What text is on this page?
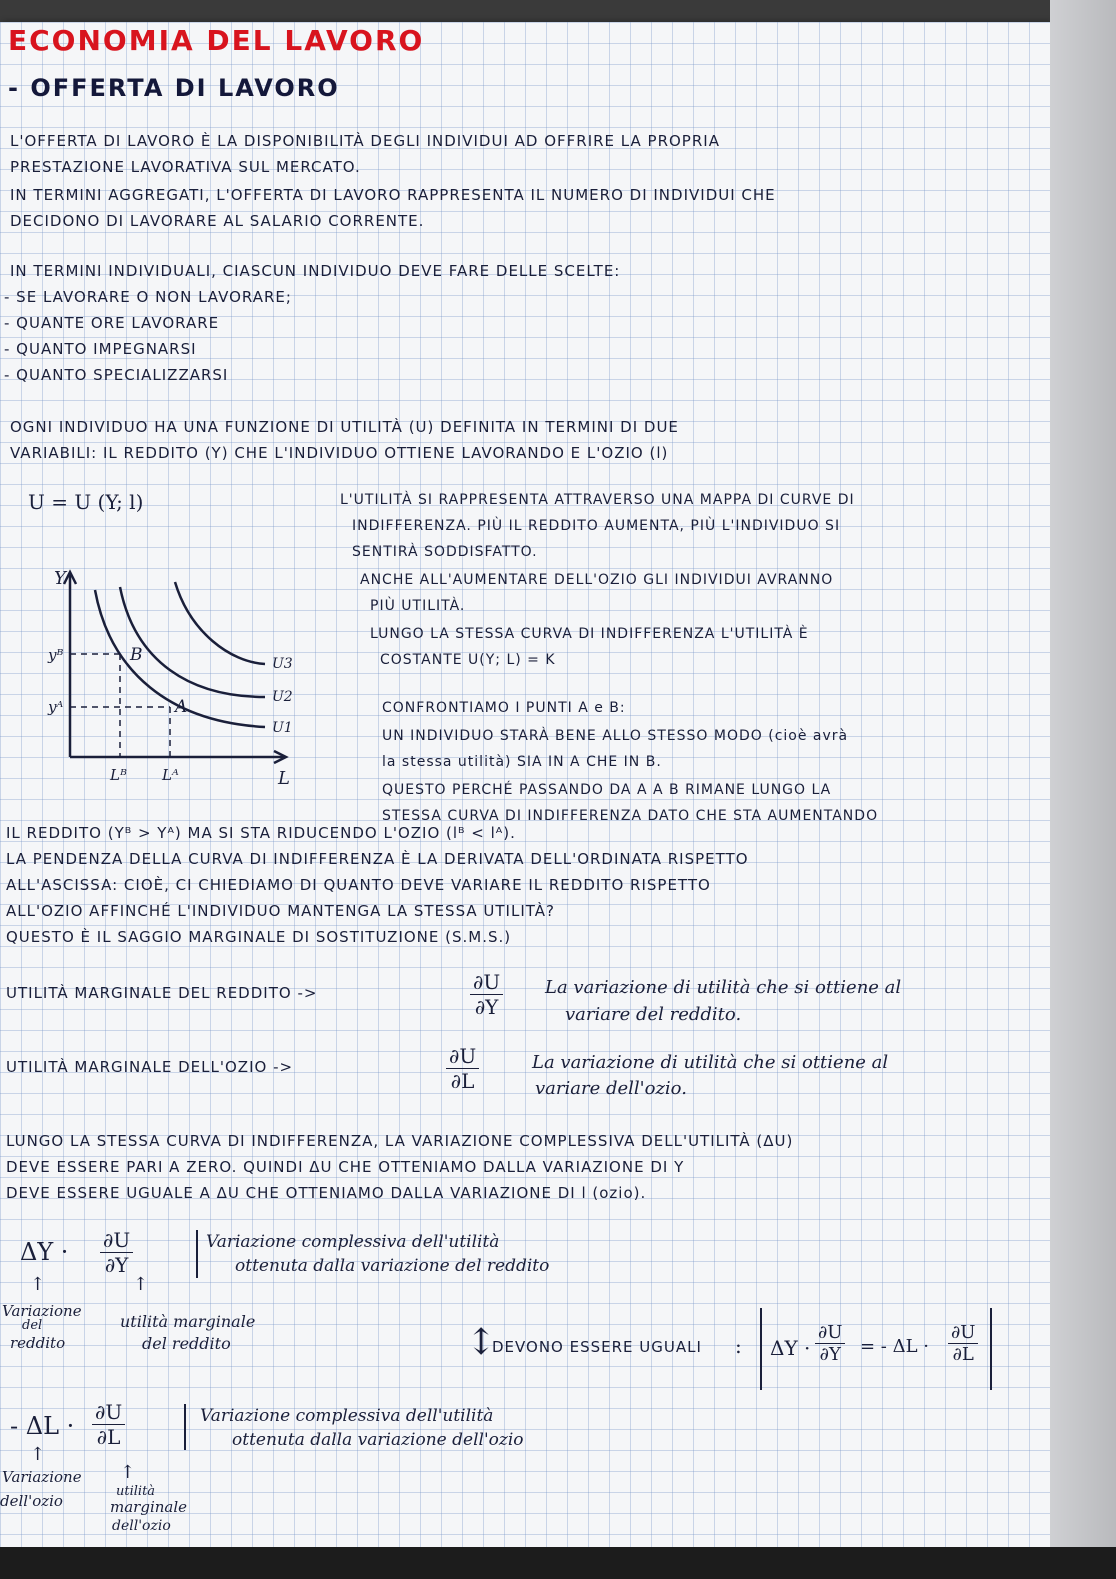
ECONOMIA DEL LAVORO
- OFFERTA DI LAVORO
L'OFFERTA DI LAVORO È LA DISPONIBILITÀ DEGLI INDIVIDUI AD OFFRIRE LA PROPRIA
PRESTAZIONE LAVORATIVA SUL MERCATO.
IN TERMINI AGGREGATI, L'OFFERTA DI LAVORO RAPPRESENTA IL NUMERO DI INDIVIDUI CHE
DECIDONO DI LAVORARE AL SALARIO CORRENTE.
IN TERMINI INDIVIDUALI, CIASCUN INDIVIDUO DEVE FARE DELLE SCELTE:
- SE LAVORARE O NON LAVORARE;
- QUANTE ORE LAVORARE
- QUANTO IMPEGNARSI
- QUANTO SPECIALIZZARSI
OGNI INDIVIDUO HA UNA FUNZIONE DI UTILITÀ (U) DEFINITA IN TERMINI DI DUE
VARIABILI: IL REDDITO (Y) CHE L'INDIVIDUO OTTIENE LAVORANDO E L'OZIO (l)
U = U (Y; l)	L'UTILITÀ SI RAPPRESENTA ATTRAVERSO UNA MAPPA DI CURVE DI
INDIFFERENZA. PIÙ IL REDDITO AUMENTA, PIÙ L'INDIVIDUO SI
SENTIRÀ SODDISFATTO.
ANCHE ALL'AUMENTARE DELL'OZIO GLI INDIVIDUI AVRANNO
PIÙ UTILITÀ.
LUNGO LA STESSA CURVA DI INDIFFERENZA L'UTILITÀ È
COSTANTE U(Y; L) = K
CONFRONTIAMO I PUNTI A e B:
UN INDIVIDUO STARÀ BENE ALLO STESSO MODO (cioè avrà
la stessa utilità) SIA IN A CHE IN B.
QUESTO PERCHÉ PASSANDO DA A A B RIMANE LUNGO LA
STESSA CURVA DI INDIFFERENZA DATO CHE STA AUMENTANDO
Y
L
yᴮ
yᴬ
Lᴮ Lᴬ
B
A
U3
U2
U1
IL REDDITO (Yᴮ > Yᴬ) MA SI STA RIDUCENDO L'OZIO (lᴮ < lᴬ).
LA PENDENZA DELLA CURVA DI INDIFFERENZA È LA DERIVATA DELL'ORDINATA RISPETTO
ALL'ASCISSA: CIOÈ, CI CHIEDIAMO DI QUANTO DEVE VARIARE IL REDDITO RISPETTO
ALL'OZIO AFFINCHÉ L'INDIVIDUO MANTENGA LA STESSA UTILITÀ?
QUESTO È IL SAGGIO MARGINALE DI SOSTITUZIONE (S.M.S.)
UTILITÀ MARGINALE DEL REDDITO ->	$\frac{\partial U}{\partial Y}$ La variazione di utilità che si ottiene al
variare del reddito.
UTILITÀ MARGINALE DELL'OZIO ->	$\frac{\partial U}{\partial L}$	La variazione di utilità che si ottiene al
variare dell'ozio.
LUNGO LA STESSA CURVA DI INDIFFERENZA, LA VARIAZIONE COMPLESSIVA DELL'UTILITÀ (ΔU)
DEVE ESSERE PARI A ZERO. QUINDI ΔU CHE OTTENIAMO DALLA VARIAZIONE DI Y
DEVE ESSERE UGUALE A ΔU CHE OTTENIAMO DALLA VARIAZIONE DI l (ozio).
$\Delta Y \cdot \frac{\partial U}{\partial Y}$	Variazione complessiva dell'utilità
ottenuta dalla variazione del reddito
↑	↑
Variazione
del
reddito
utilità marginale
del reddito	↕
DEVONO ESSERE UGUALI : $\Delta Y \cdot \frac{\partial U}{\partial Y}$ = - $\Delta L \cdot \frac{\partial U}{\partial L}$
- $\Delta L \cdot \frac{\partial U}{\partial L}$	Variazione complessiva dell'utilità
ottenuta dalla variazione dell'ozio
↑
↑
Variazione
dell'ozio
utilità
marginale
dell'ozio
